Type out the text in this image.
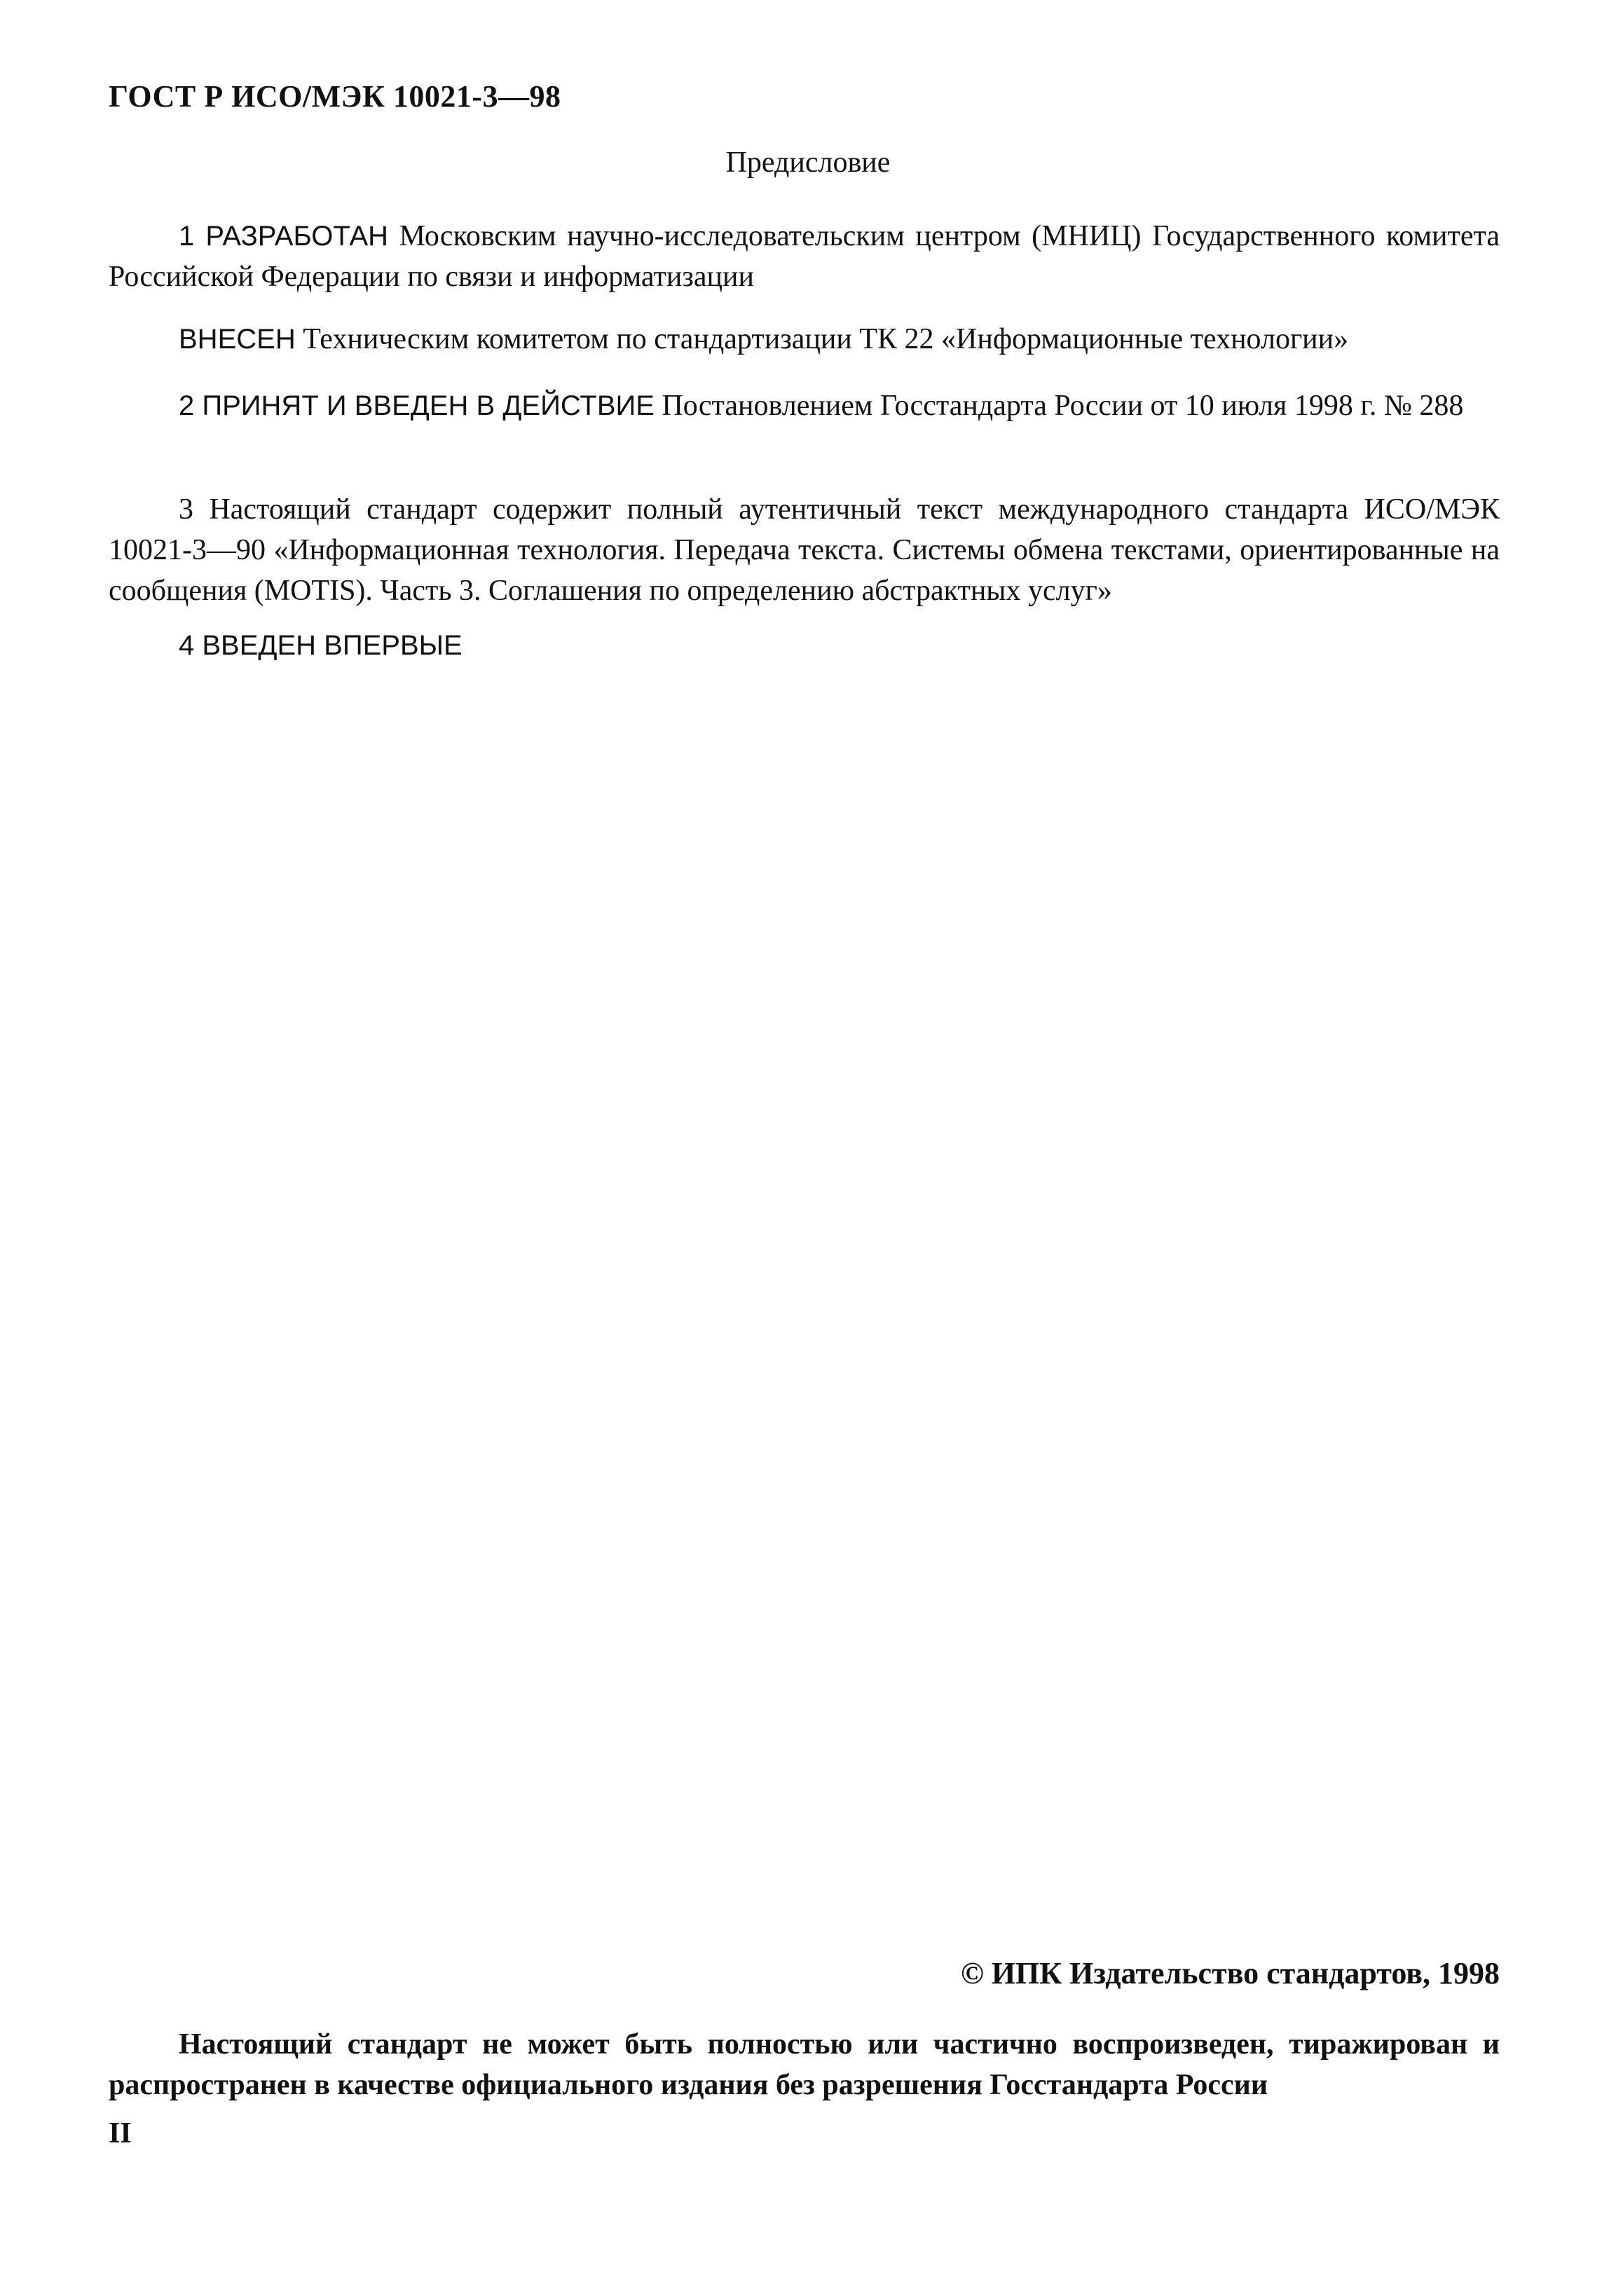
ГОСТ Р ИСО/МЭК 10021-3—98
Предисловие

1 РАЗРАБОТАН Московским научно-исследовательским центром (МНИЦ) Государственного комитета Российской Федерации по связи и информатизации

ВНЕСЕН Техническим комитетом по стандартизации ТК 22 «Информационные технологии»

2 ПРИНЯТ И ВВЕДЕН В ДЕЙСТВИЕ Постановлением Госстандарта России от 10 июля 1998 г. № 288

3 Настоящий стандарт содержит полный аутентичный текст международного стандарта ИСО/МЭК 10021-3—90 «Информационная технология. Передача текста. Системы обмена текстами, ориентированные на сообщения (MOTIS). Часть 3. Соглашения по определению абстрактных услуг»

4 ВВЕДЕН ВПЕРВЫЕ

© ИПК Издательство стандартов, 1998

Настоящий стандарт не может быть полностью или частично воспроизведен, тиражирован и распространен в качестве официального издания без разрешения Госстандарта России

II
